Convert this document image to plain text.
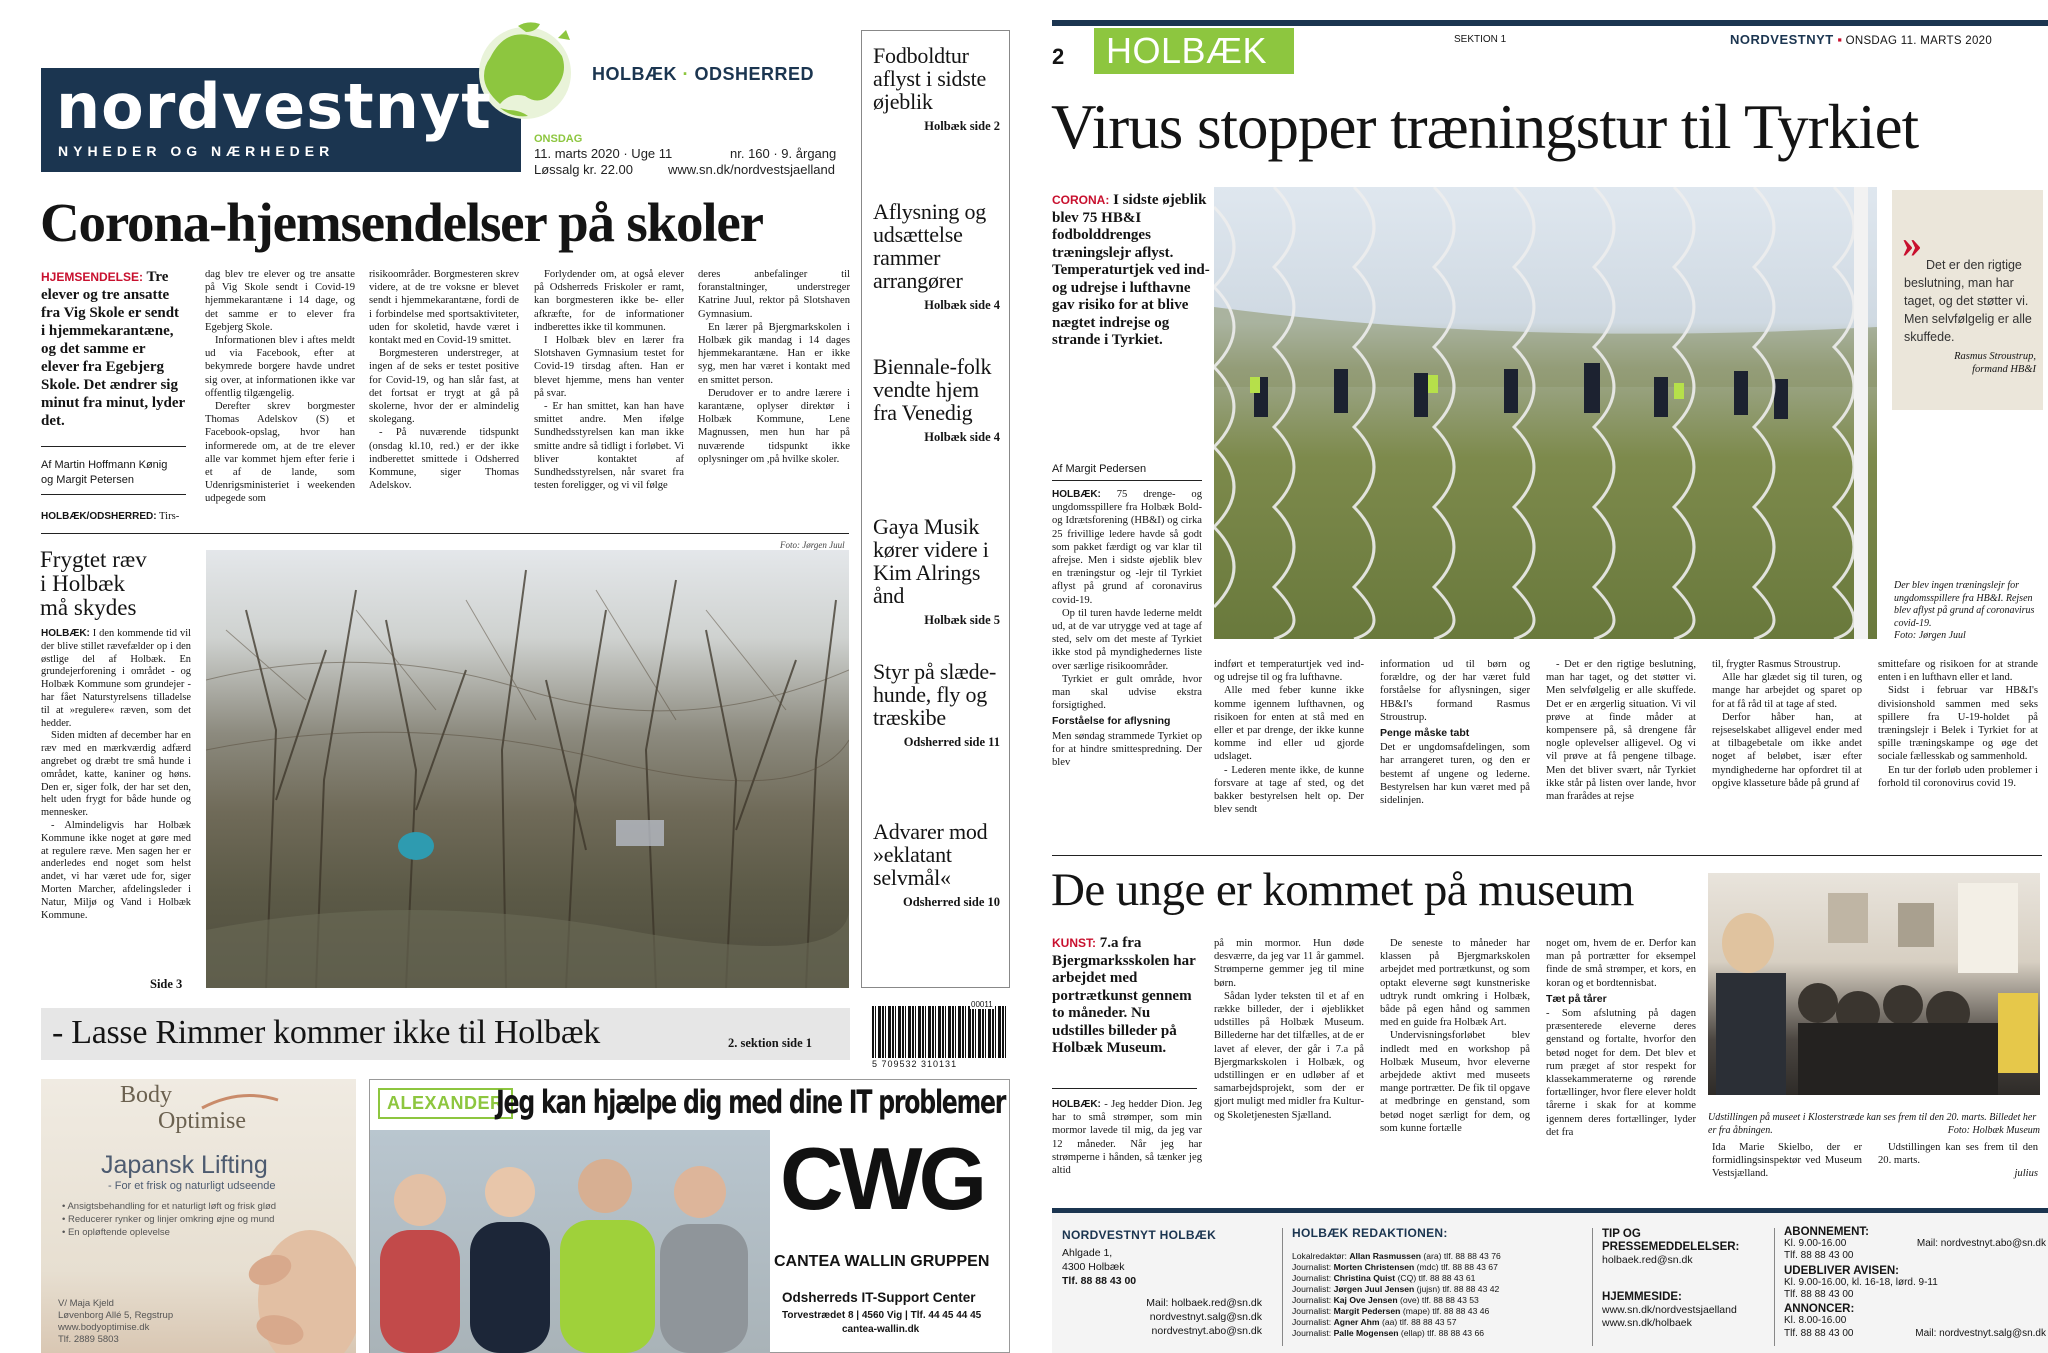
nordvestnyt
NYHEDER OG NÆRHEDER
HOLBÆK · ODSHERRED
ONSDAG
11. marts 2020 · Uge 11	nr. 160 · 9. årgang
Løssalg kr. 22.00	www.sn.dk/nordvestsjaelland
Corona-hjemsendelser på skoler
HJEMSENDELSE: Tre elever og tre ansatte fra Vig Skole er sendt i hjemmekarantæne, og det samme er elever fra Egebjerg Skole. Det ændrer sig minut fra minut, lyder det.
Af Martin Hoffmann Kønig
og Margit Petersen
HOLBÆK/ODSHERRED: Tirs-

dag blev tre elever og tre ansatte på Vig Skole sendt i Covid-19 hjemmekarantæne i 14 dage, og det samme er to elever fra Egebjerg Skole.

Informationen blev i aftes meldt ud via Facebook, efter at bekymrede borgere havde undret sig over, at informationen ikke var offentlig tilgængelig.

Derefter skrev borgmester Thomas Adelskov (S) et Facebook-opslag, hvor han informerede om, at de tre elever alle var kommet hjem efter ferie i et af de lande, som Udenrigsministeriet i weekenden udpegede som

risikoområder. Borgmesteren skrev videre, at de tre voksne er blevet sendt i hjemmekarantæne, fordi de i forbindelse med sportsaktiviteter, uden for skoletid, havde været i kontakt med en Covid-19 smittet.

Borgmesteren understreger, at ingen af de seks er testet positive for Covid-19, og han slår fast, at det fortsat er trygt at gå på skolerne, hvor der er almindelig skolegang.

- På nuværende tidspunkt (onsdag kl.10, red.) er der ikke indberettet smittede i Odsherred Kommune, siger Thomas Adelskov.

Forlydender om, at også elever på Odsherreds Friskoler er ramt, kan borgmesteren ikke be- eller afkræfte, for de informationer indberettes ikke til kommunen.

I Holbæk blev en lærer fra Slotshaven Gymnasium testet for Covid-19 tirsdag aften. Han er blevet hjemme, mens han venter på svar.

- Er han smittet, kan han have smittet andre. Men ifølge Sundhedsstyrelsen kan man ikke smitte andre så tidligt i forløbet. Vi bliver kontaktet af Sundhedsstyrelsen, når svaret fra testen foreligger, og vi vil følge

deres anbefalinger til foranstaltninger, understreger Katrine Juul, rektor på Slotshaven Gymnasium.

En lærer på Bjergmarkskolen i Holbæk gik mandag i 14 dages hjemmekarantæne. Han er ikke syg, men har været i kontakt med en smittet person.

Derudover er to andre lærere i karantæne, oplyser direktør i Holbæk Kommune, Lene Magnussen, men hun har på nuværende tidspunkt ikke oplysninger om ,på hvilke skoler.

Frygtet ræv
i Holbæk
må skydes

HOLBÆK: I den kommende tid vil der blive stillet rævefælder op i den østlige del af Holbæk. En grundejerforening i området - og Holbæk Kommune som grundejer - har fået Naturstyrelsens tilladelse til at »regulere« ræven, som det hedder.

Siden midten af december har en ræv med en mærkværdig adfærd angrebet og dræbt tre små hunde i området, katte, kaniner og høns. Den er, siger folk, der har set den, helt uden frygt for både hunde og mennesker.

- Almindeligvis har Holbæk Kommune ikke noget at gøre med at regulere ræve. Men sagen her er anderledes end noget som helst andet, vi har været ude for, siger Morten Marcher, afdelingsleder i Natur, Miljø og Vand i Holbæk Kommune.

Side 3
Foto: Jørgen Juul
Fodboldtur aflyst i sidste øjeblik
Holbæk side 2
Aflysning og udsættelse rammer arrangører
Holbæk side 4
Biennale-folk vendte hjem fra Venedig
Holbæk side 4
Gaya Musik kører videre i Kim Alrings ånd
Holbæk side 5
Styr på slæde-hunde, fly og træskibe
Odsherred side 11
Advarer mod »eklatant selvmål«
Odsherred side 10
- Lasse Rimmer kommer ikke til Holbæk	2. sektion side 1
00011
5 709532 310131
Body
Optimise
Japansk Lifting
- For et frisk og naturligt udseende
• Ansigtsbehandling for et naturligt løft og frisk glød
• Reducerer rynker og linjer omkring øjne og mund
• En opløftende oplevelse
V/ Maja Kjeld
Løvenborg Allé 5, Regstrup
www.bodyoptimise.dk
Tlf. 2889 5803
ALEXANDER
Jeg kan hjælpe dig med dine IT problemer
CWG
CANTEA WALLIN GRUPPEN
Odsherreds IT-Support Center
Torvestrædet 8 | 4560 Vig | Tlf. 44 45 44 45
cantea-wallin.dk
2	HOLBÆK	SEKTION 1	NORDVESTNYT ▪ ONSDAG 11. MARTS 2020
Virus stopper træningstur til Tyrkiet
CORONA: I sidste øjeblik blev 75 HB&I fodbolddrenges træningslejr aflyst. Temperaturtjek ved ind- og udrejse i lufthavne gav risiko for at blive nægtet indrejse og strande i Tyrkiet.
Af Margit Pedersen

HOLBÆK: 75 drenge- og ungdomsspillere fra Holbæk Bold- og Idrætsforening (HB&I) og cirka 25 frivillige ledere havde så godt som pakket færdigt og var klar til afrejse. Men i sidste øjeblik blev en træningstur og -lejr til Tyrkiet aflyst på grund af coronavirus covid-19.

Op til turen havde lederne meldt ud, at de var utrygge ved at tage af sted, selv om det meste af Tyrkiet ikke stod på myndighedernes liste over særlige risikoområder.

Tyrkiet er gult område, hvor man skal udvise ekstra forsigtighed.

Forståelse for aflysning

Men søndag strammede Tyrkiet op for at hindre smittespredning. Der blev

» Det er den rigtige beslutning, man har taget, og det støtter vi. Men selvfølgelig er alle skuffede.
Rasmus Stroustrup,
formand HB&I
Der blev ingen træningslejr for ungdomsspillere fra HB&I. Rejsen blev aflyst på grund af coronavirus covid-19.
Foto: Jørgen Juul

indført et temperaturtjek ved ind- og udrejse til og fra lufthavne.

Alle med feber kunne ikke komme igennem lufthavnen, og risikoen for enten at stå med en eller et par drenge, der ikke kunne komme ind eller ud gjorde udslaget.

- Lederen mente ikke, de kunne forsvare at tage af sted, og det bakker bestyrelsen helt op. Der blev sendt

information ud til børn og forældre, og der har været fuld forståelse for aflysningen, siger HB&I's formand Rasmus Stroustrup.

Penge måske tabt

Det er ungdomsafdelingen, som har arrangeret turen, og den er bestemt af ungene og lederne. Bestyrelsen har kun været med på sidelinjen.

- Det er den rigtige beslutning, man har taget, og det støtter vi. Men selvfølgelig er alle skuffede. Det er en ærgerlig situation. Vi vil prøve at finde måder at kompensere på, så drengene får nogle oplevelser alligevel. Og vi vil prøve at få pengene tilbage. Men det bliver svært, når Tyrkiet ikke står på listen over lande, hvor man frarådes at rejse

til, frygter Rasmus Stroustrup.

Alle har glædet sig til turen, og mange har arbejdet og sparet op for at få råd til at tage af sted.

Derfor håber han, at rejseselskabet alligevel ender med at tilbagebetale om ikke andet noget af beløbet, især efter myndighederne har opfordret til at opgive klasseture både på grund af

smittefare og risikoen for at strande enten i en lufthavn eller et land.

Sidst i februar var HB&I's divisionshold sammen med seks spillere fra U-19-holdet på træningslejr i Belek i Tyrkiet for at spille træningskampe og øge det sociale fællesskab og sammenhold.

En tur der forløb uden problemer i forhold til coronovirus covid 19.

De unge er kommet på museum
KUNST: 7.a fra Bjergmarksskolen har arbejdet med portrætkunst gennem to måneder. Nu udstilles billeder på Holbæk Museum.

HOLBÆK: - Jeg hedder Dion. Jeg har to små strømper, som min mormor lavede til mig, da jeg var 12 måneder. Når jeg har strømperne i hånden, så tænker jeg altid

på min mormor. Hun døde desværre, da jeg var 11 år gammel. Strømperne gemmer jeg til mine børn.

Sådan lyder teksten til et af en række billeder, der i øjeblikket udstilles på Holbæk Museum. Billederne har det tilfælles, at de er lavet af elever, der går i 7.a på Bjergmarkskolen i Holbæk, og udstillingen er en udløber af et samarbejdsprojekt, som der er gjort muligt med midler fra Kultur- og Skoletjenesten Sjælland.

De seneste to måneder har klassen på Bjergmarkskolen arbejdet med portrætkunst, og som optakt eleverne søgt kunstneriske udtryk rundt omkring i Holbæk, både på egen hånd og sammen med en guide fra Holbæk Art.

Undervisningsforløbet blev indledt med en workshop på Holbæk Museum, hvor eleverne arbejdede aktivt med museets mange portrætter. De fik til opgave at medbringe en genstand, som betød noget særligt for dem, og som kunne fortælle

noget om, hvem de er. Derfor kan man på portrætter for eksempel finde de små strømper, et kors, en koran og et bordtennisbat.

Tæt på tårer

- Som afslutning på dagen præsenterede eleverne deres genstand og fortalte, hvorfor den betød noget for dem. Det blev et rum præget af stor respekt for klassekammeraterne og rørende fortællinger, hvor flere elever holdt tårerne i skak for at komme igennem deres fortællinger, lyder det fra

Udstillingen på museet i Klosterstræde kan ses frem til den 20. marts. Billedet her er fra åbningen.	Foto: Holbæk Museum

Ida Marie Skielbo, der er formidlingsinspektør ved Museum Vestsjælland.

Udstillingen kan ses frem til den 20. marts.

julius

NORDVESTNYT HOLBÆK
Ahlgade 1,
4300 Holbæk
Tlf. 88 88 43 00
Mail: holbaek.red@sn.dk
nordvestnyt.salg@sn.dk
nordvestnyt.abo@sn.dk
HOLBÆK REDAKTIONEN:
Lokalredaktør: Allan Rasmussen (ara) tlf. 88 88 43 76
Journalist: Morten Christensen (mdc) tlf. 88 88 43 67
Journalist: Christina Quist (CQ) tlf. 88 88 43 61
Journalist: Jørgen Juul Jensen (jujsn) tlf. 88 88 43 42
Journalist: Kaj Ove Jensen (ove) tlf. 88 88 43 53
Journalist: Margit Pedersen (mape) tlf. 88 88 43 46
Journalist: Agner Ahm (aa) tlf. 88 88 43 57
Journalist: Palle Mogensen (ellap) tlf. 88 88 43 66
TIP OG
PRESSEMEDDELELSER:
holbaek.red@sn.dk
HJEMMESIDE:
www.sn.dk/nordvestsjaelland
www.sn.dk/holbaek
ABONNEMENT:
Kl. 9.00-16.00	Mail: nordvestnyt.abo@sn.dk
Tlf. 88 88 43 00
UDEBLIVER AVISEN:
Kl. 9.00-16.00, kl. 16-18, lørd. 9-11
Tlf. 88 88 43 00
ANNONCER:
Kl. 8.00-16.00
Tlf. 88 88 43 00	Mail: nordvestnyt.salg@sn.dk
